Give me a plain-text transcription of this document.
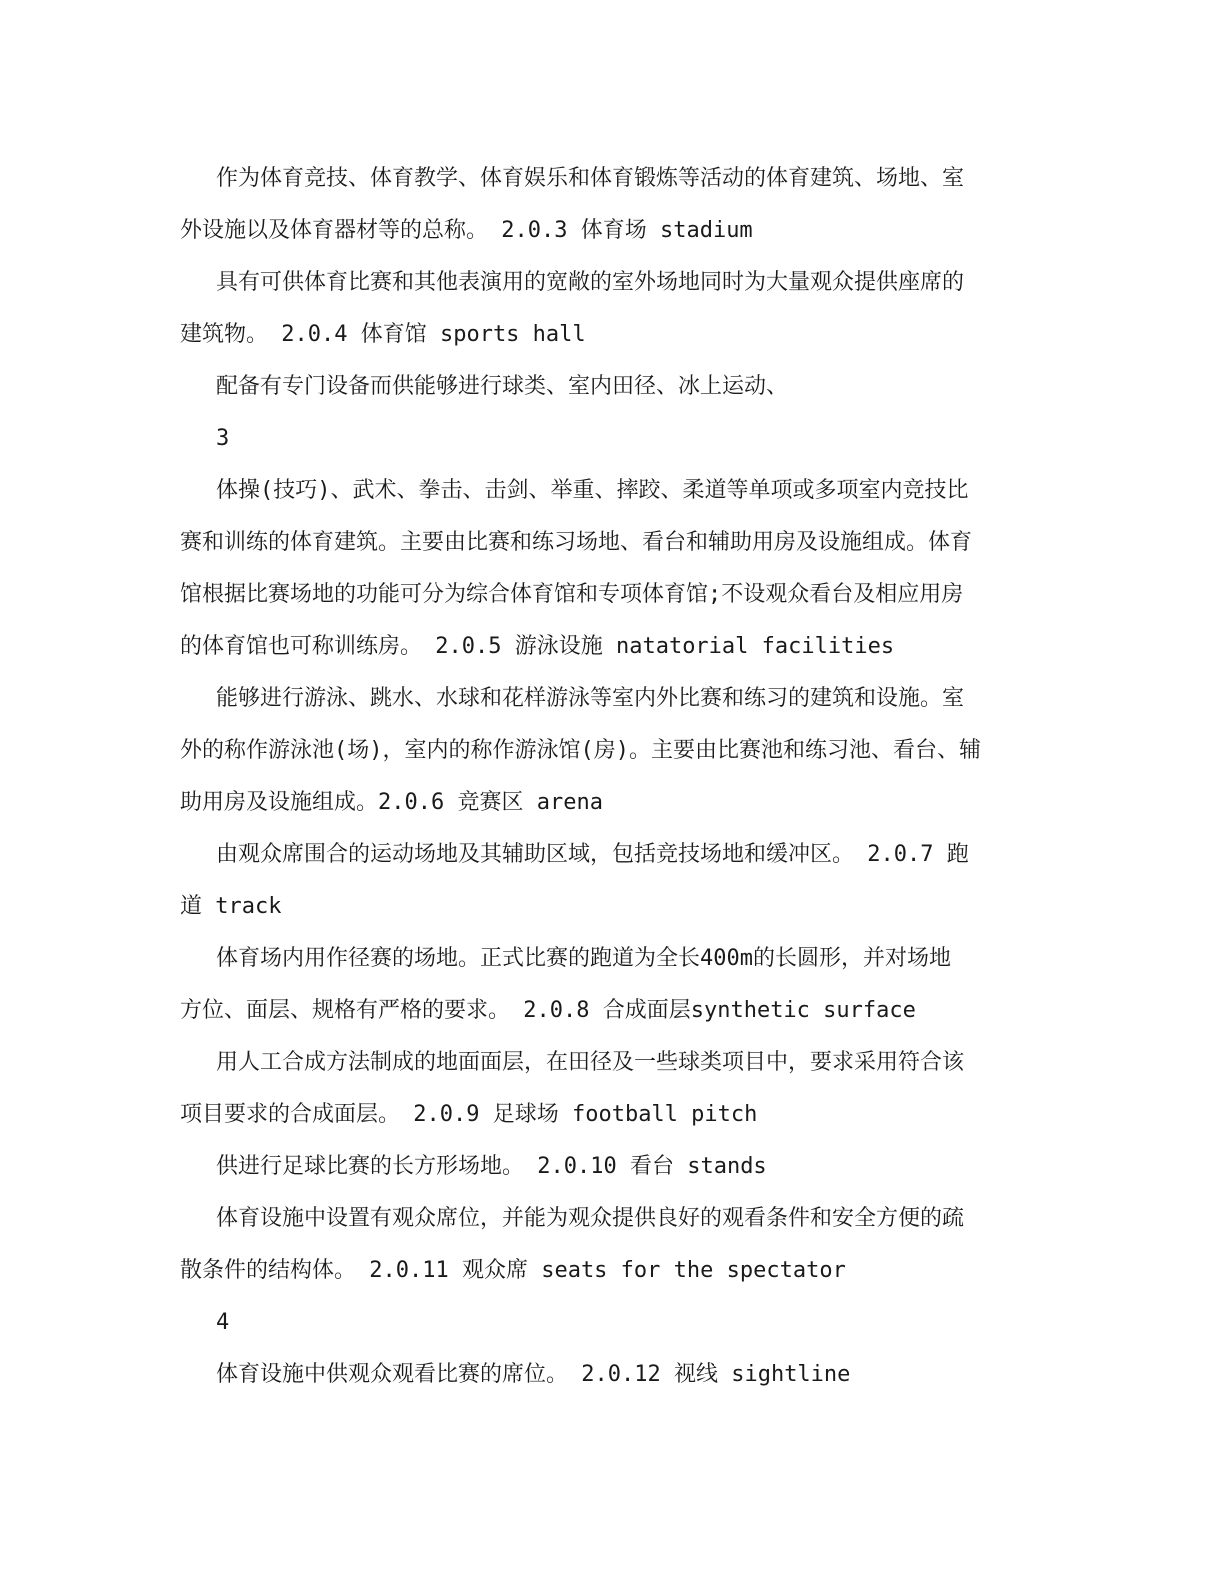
作为体育竞技、体育教学、体育娱乐和体育锻炼等活动的体育建筑、场地、室
外设施以及体育器材等的总称。 2.0.3 体育场 stadium
具有可供体育比赛和其他表演用的宽敞的室外场地同时为大量观众提供座席的
建筑物。 2.0.4 体育馆 sports hall
配备有专门设备而供能够进行球类、室内田径、冰上运动、
3
体操(技巧)、武术、拳击、击剑、举重、摔跤、柔道等单项或多项室内竞技比
赛和训练的体育建筑。主要由比赛和练习场地、看台和辅助用房及设施组成。体育
馆根据比赛场地的功能可分为综合体育馆和专项体育馆;不设观众看台及相应用房
的体育馆也可称训练房。 2.0.5 游泳设施 natatorial facilities
能够进行游泳、跳水、水球和花样游泳等室内外比赛和练习的建筑和设施。室
外的称作游泳池(场)，室内的称作游泳馆(房)。主要由比赛池和练习池、看台、辅
助用房及设施组成。2.0.6 竞赛区 arena
由观众席围合的运动场地及其辅助区域，包括竞技场地和缓冲区。 2.0.7 跑
道 track
体育场内用作径赛的场地。正式比赛的跑道为全长400m的长圆形，并对场地
方位、面层、规格有严格的要求。 2.0.8 合成面层synthetic surface
用人工合成方法制成的地面面层，在田径及一些球类项目中，要求采用符合该
项目要求的合成面层。 2.0.9 足球场 football pitch
供进行足球比赛的长方形场地。 2.0.10 看台 stands
体育设施中设置有观众席位，并能为观众提供良好的观看条件和安全方便的疏
散条件的结构体。 2.0.11 观众席 seats for the spectator
4
体育设施中供观众观看比赛的席位。 2.0.12 视线 sightline
